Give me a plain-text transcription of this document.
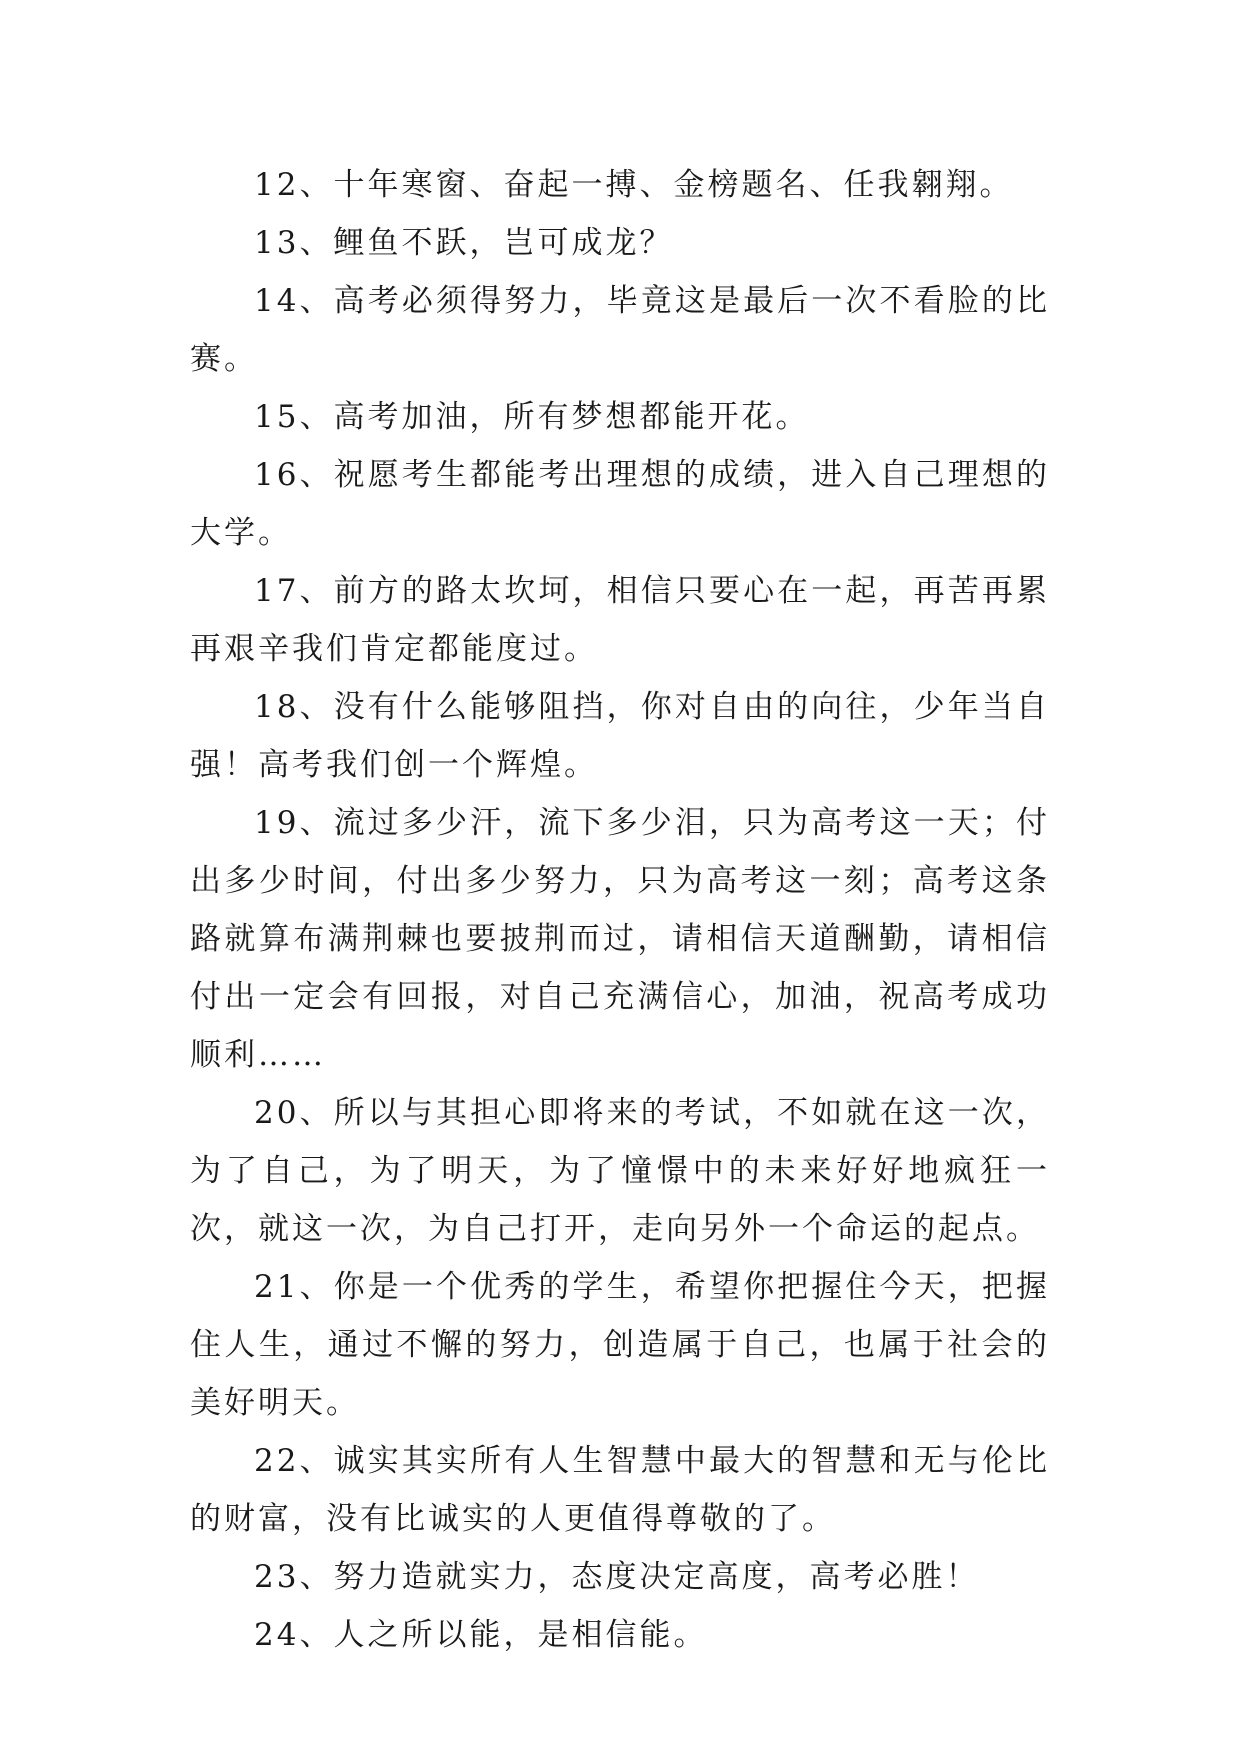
12、十年寒窗、奋起一搏、金榜题名、任我翱翔。

13、鲤鱼不跃，岂可成龙？

14、高考必须得努力，毕竟这是最后一次不看脸的比赛。

15、高考加油，所有梦想都能开花。

16、祝愿考生都能考出理想的成绩，进入自己理想的大学。

17、前方的路太坎坷，相信只要心在一起，再苦再累再艰辛我们肯定都能度过。

18、没有什么能够阻挡，你对自由的向往，少年当自强！高考我们创一个辉煌。

19、流过多少汗，流下多少泪，只为高考这一天；付出多少时间，付出多少努力，只为高考这一刻；高考这条路就算布满荆棘也要披荆而过，请相信天道酬勤，请相信付出一定会有回报，对自己充满信心，加油，祝高考成功顺利……

20、所以与其担心即将来的考试，不如就在这一次，为了自己，为了明天，为了憧憬中的未来好好地疯狂一次，就这一次，为自己打开，走向另外一个命运的起点。

21、你是一个优秀的学生，希望你把握住今天，把握住人生，通过不懈的努力，创造属于自己，也属于社会的美好明天。

22、诚实其实所有人生智慧中最大的智慧和无与伦比的财富，没有比诚实的人更值得尊敬的了。

23、努力造就实力，态度决定高度，高考必胜！

24、人之所以能，是相信能。
